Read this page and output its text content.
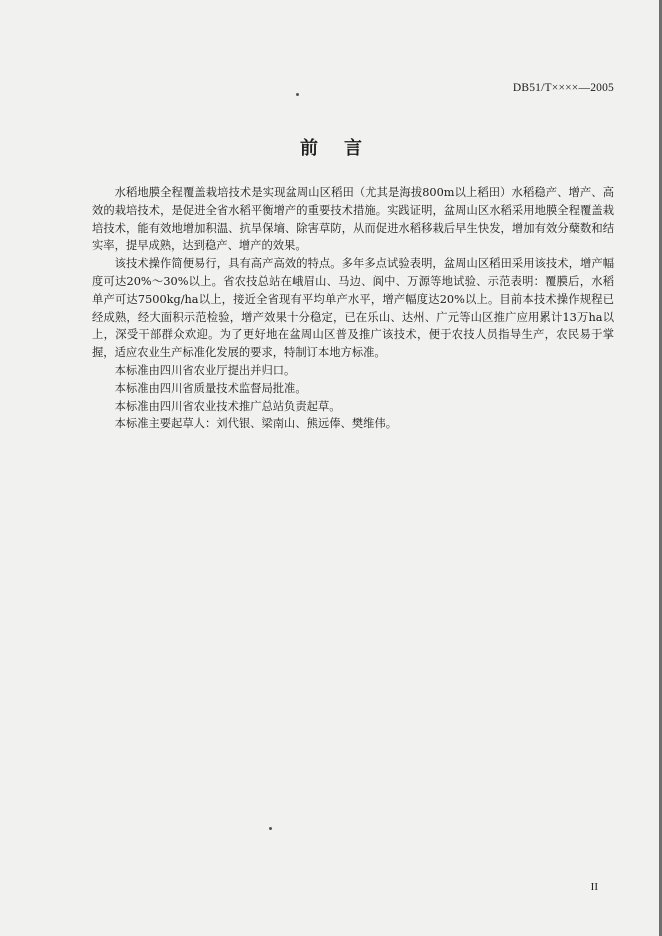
DB51/T××××—2005
前言

水稻地膜全程覆盖栽培技术是实现盆周山区稻田（尤其是海拔800m以上稻田）水稻稳产、增产、高效的栽培技术，是促进全省水稻平衡增产的重要技术措施。实践证明，盆周山区水稻采用地膜全程覆盖栽培技术，能有效地增加积温、抗旱保墒、除害草防，从而促进水稻移栽后早生快发，增加有效分蘖数和结实率，提早成熟，达到稳产、增产的效果。

该技术操作简便易行，具有高产高效的特点。多年多点试验表明，盆周山区稻田采用该技术，增产幅度可达20%～30%以上。省农技总站在峨眉山、马边、阆中、万源等地试验、示范表明：覆膜后，水稻单产可达7500kg/ha以上，接近全省现有平均单产水平，增产幅度达20%以上。目前本技术操作规程已经成熟，经大面积示范检验，增产效果十分稳定，已在乐山、达州、广元等山区推广应用累计13万ha以上，深受干部群众欢迎。为了更好地在盆周山区普及推广该技术，便于农技人员指导生产，农民易于掌握，适应农业生产标准化发展的要求，特制订本地方标准。

本标准由四川省农业厅提出并归口。

本标准由四川省质量技术监督局批准。

本标准由四川省农业技术推广总站负责起草。

本标准主要起草人：刘代银、梁南山、熊远俸、樊维伟。

II
